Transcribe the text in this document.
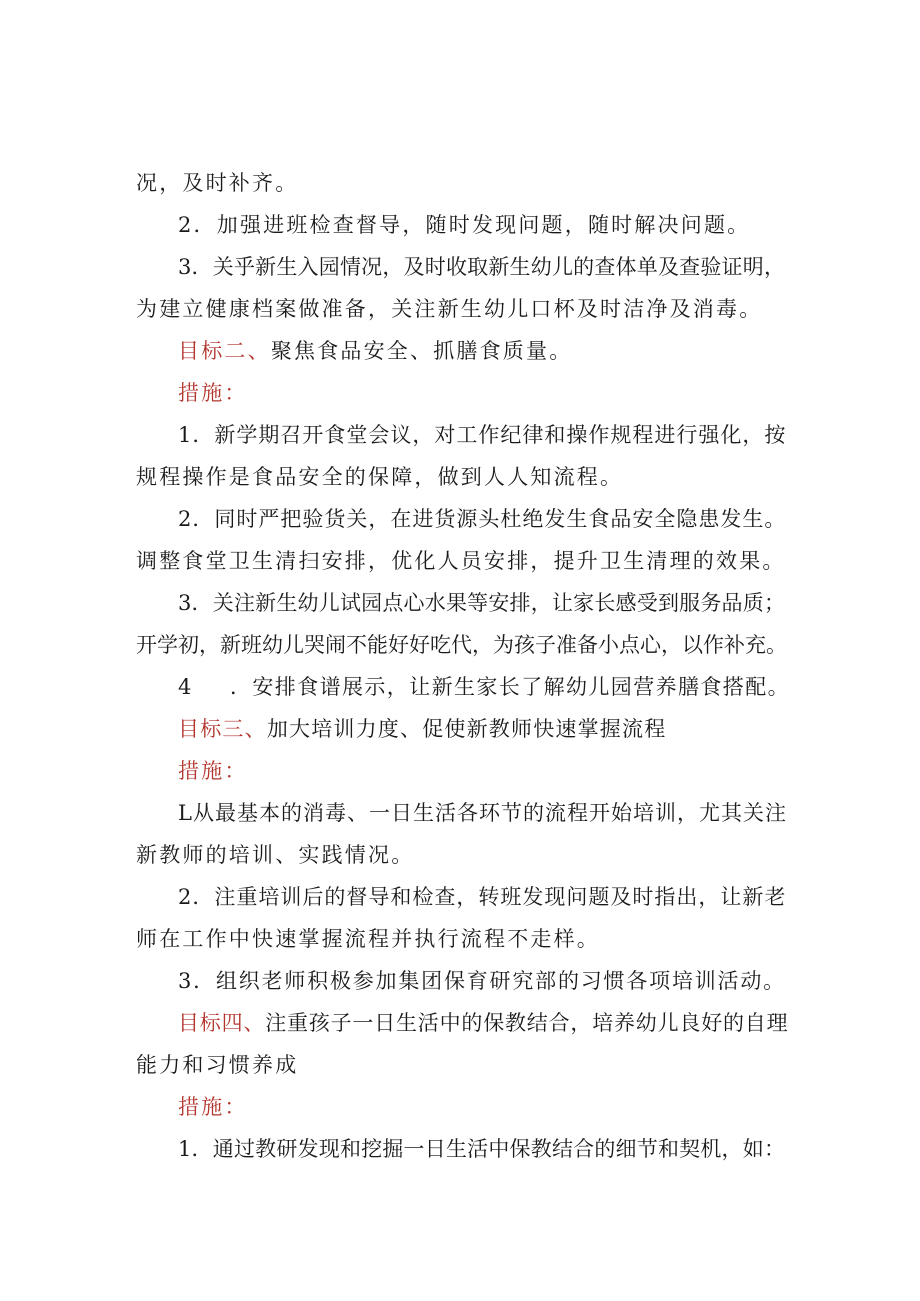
况，及时补齐。
2．加强进班检查督导，随时发现问题，随时解决问题。
3．关乎新生入园情况，及时收取新生幼儿的查体单及查验证明，
为建立健康档案做准备，关注新生幼儿口杯及时洁净及消毒。
目标二、聚焦食品安全、抓膳食质量。
措施：
1．新学期召开食堂会议，对工作纪律和操作规程进行强化，按
规程操作是食品安全的保障，做到人人知流程。
2．同时严把验货关，在进货源头杜绝发生食品安全隐患发生。
调整食堂卫生清扫安排，优化人员安排，提升卫生清理的效果。
3．关注新生幼儿试园点心水果等安排，让家长感受到服务品质；
开学初，新班幼儿哭闹不能好好吃代，为孩子准备小点心，以作补充。
4 ．安排食谱展示，让新生家长了解幼儿园营养膳食搭配。
目标三、加大培训力度、促使新教师快速掌握流程
措施：
L从最基本的消毒、一日生活各环节的流程开始培训，尤其关注
新教师的培训、实践情况。
2．注重培训后的督导和检查，转班发现问题及时指出，让新老
师在工作中快速掌握流程并执行流程不走样。
3．组织老师积极参加集团保育研究部的习惯各项培训活动。
目标四、注重孩子一日生活中的保教结合，培养幼儿良好的自理
能力和习惯养成
措施：
1．通过教研发现和挖掘一日生活中保教结合的细节和契机，如：
